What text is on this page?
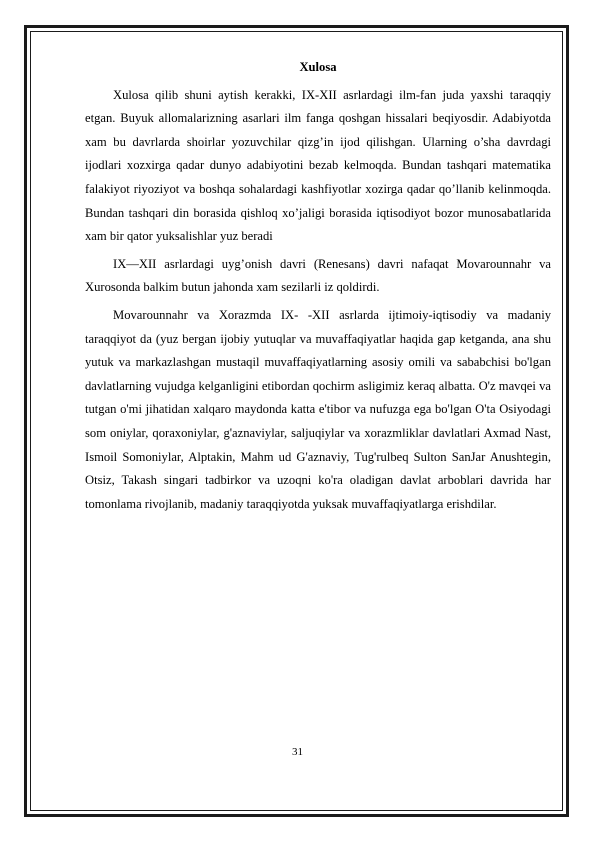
Xulosa

Xulosa qilib shuni aytish kerakki, IX-XII asrlardagi ilm-fan juda yaxshi taraqqiy etgan. Buyuk allomalarizning asarlari ilm fanga qoshgan hissalari beqiyosdir. Adabiyotda xam bu davrlarda shoirlar yozuvchilar qizg’in ijod qilishgan. Ularning o’sha davrdagi ijodlari xozxirga qadar dunyo adabiyotini bezab kelmoqda. Bundan tashqari matematika falakiyot riyoziyot va boshqa sohalardagi kashfiyotlar xozirga qadar qo’llanib kelinmoqda. Bundan tashqari din borasida qishloq xo’jaligi borasida iqtisodiyot bozor munosabatlarida xam bir qator yuksalishlar yuz beradi

IX—XII asrlardagi uyg’onish davri (Renesans) davri nafaqat Movarounnahr va Xurosonda balkim butun jahonda xam sezilarli iz qoldirdi.

Movarounnahr va Xorazmda IX- -XII asrlarda ijtimoiy-iqtisodiy va madaniy taraqqiyot da (yuz bergan ijobiy yutuqlar va muvaffaqiyatlar haqida gap ketganda, ana shu yutuk va markazlashgan mustaqil muvaffaqiyatlarning asosiy omili va sababchisi bo'lgan davlatlarning vujudga kelganligini etibordan qochirm asligimiz keraq albatta. O'z mavqei va tutgan o'mi jihatidan xalqaro maydonda katta e'tibor va nufuzga ega bo'lgan O'ta Osiyodagi som oniylar, qoraxoniylar, g'aznaviylar, saljuqiylar va xorazmliklar davlatlari Axmad Nast, Ismoil Somoniylar, Alptakin, Mahm ud G'aznaviy, Tug'rulbeq Sulton SanJar Anushtegin, Otsiz, Takash singari tadbirkor va uzoqni ko'ra oladigan davlat arboblari davrida har tomonlama rivojlanib, madaniy taraqqiyotda yuksak muvaffaqiyatlarga erishdilar.

31
